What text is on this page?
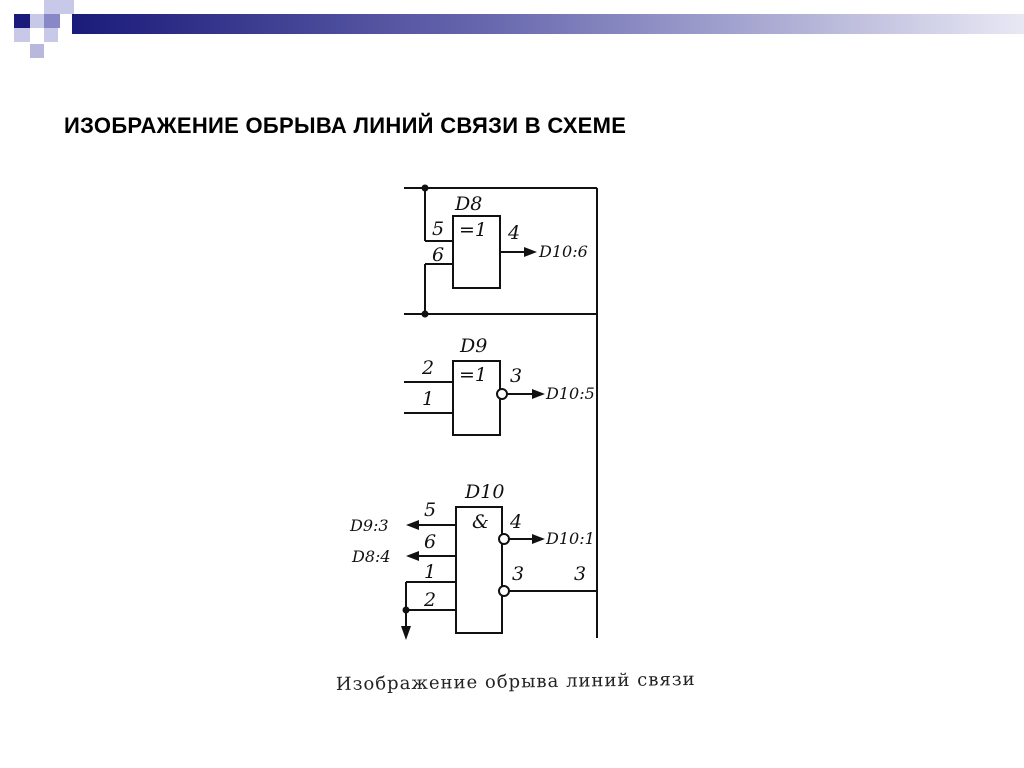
ИЗОБРАЖЕНИЕ ОБРЫВА ЛИНИЙ СВЯЗИ В СХЕМЕ
D8
=1
5
6
4
D10:6
D9
=1
2
1
3
D10:5
D10
&
5
6
1
2
4
3	3
D9:3
D8:4
D10:1
Изображение обрыва линий связи
